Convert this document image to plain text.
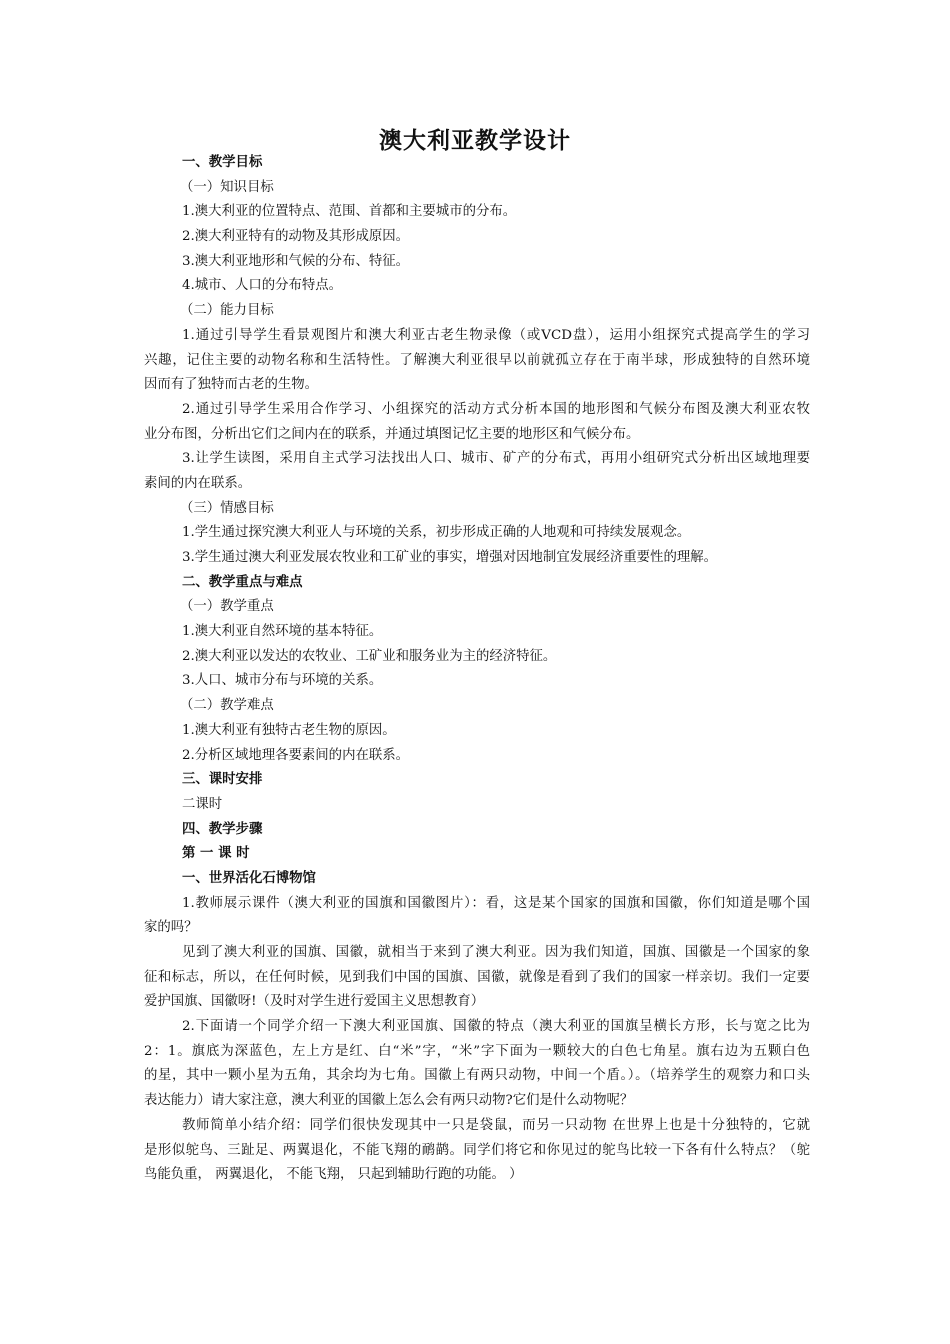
澳大利亚教学设计
一、教学目标
（一）知识目标
1.澳大利亚的位置特点、范围、首都和主要城市的分布。
2.澳大利亚特有的动物及其形成原因。
3.澳大利亚地形和气候的分布、特征。
4.城市、人口的分布特点。
（二）能力目标
1.通过引导学生看景观图片和澳大利亚古老生物录像（或VCD盘），运用小组探究式提高学生的学习
兴趣，记住主要的动物名称和生活特性。了解澳大利亚很早以前就孤立存在于南半球，形成独特的自然环境
因而有了独特而古老的生物。
2.通过引导学生采用合作学习、小组探究的活动方式分析本国的地形图和气候分布图及澳大利亚农牧
业分布图，分析出它们之间内在的联系，并通过填图记忆主要的地形区和气候分布。
3.让学生读图，采用自主式学习法找出人口、城市、矿产的分布式，再用小组研究式分析出区域地理要
素间的内在联系。
（三）情感目标
1.学生通过探究澳大利亚人与环境的关系，初步形成正确的人地观和可持续发展观念。
3.学生通过澳大利亚发展农牧业和工矿业的事实，增强对因地制宜发展经济重要性的理解。
二、教学重点与难点
（一）教学重点
1.澳大利亚自然环境的基本特征。
2.澳大利亚以发达的农牧业、工矿业和服务业为主的经济特征。
3.人口、城市分布与环境的关系。
（二）教学难点
1.澳大利亚有独特古老生物的原因。
2.分析区域地理各要素间的内在联系。
三、课时安排
二课时
四、教学步骤
第 一 课 时
一、世界活化石博物馆
1.教师展示课件（澳大利亚的国旗和国徽图片）：看，这是某个国家的国旗和国徽，你们知道是哪个国
家的吗？
见到了澳大利亚的国旗、国徽，就相当于来到了澳大利亚。因为我们知道，国旗、国徽是一个国家的象
征和标志，所以，在任何时候，见到我们中国的国旗、国徽，就像是看到了我们的国家一样亲切。我们一定要
爱护国旗、国徽呀!（及时对学生进行爱国主义思想教育）
2.下面请一个同学介绍一下澳大利亚国旗、国徽的特点（澳大利亚的国旗呈横长方形，长与宽之比为
2：1。旗底为深蓝色，左上方是红、白“米”字，“米”字下面为一颗较大的白色七角星。旗右边为五颗白色
的星，其中一颗小星为五角，其余均为七角。国徽上有两只动物，中间一个盾。）。（培养学生的观察力和口头
表达能力）请大家注意，澳大利亚的国徽上怎么会有两只动物?它们是什么动物呢？
教师简单小结介绍：同学们很快发现其中一只是袋鼠，而另一只动物 在世界上也是十分独特的，它就
是形似鸵鸟、三趾足、两翼退化，不能飞翔的鸸鹋。同学们将它和你见过的鸵鸟比较一下各有什么特点？（鸵
鸟能负重， 两翼退化， 不能飞翔， 只起到辅助行跑的功能。 ）
